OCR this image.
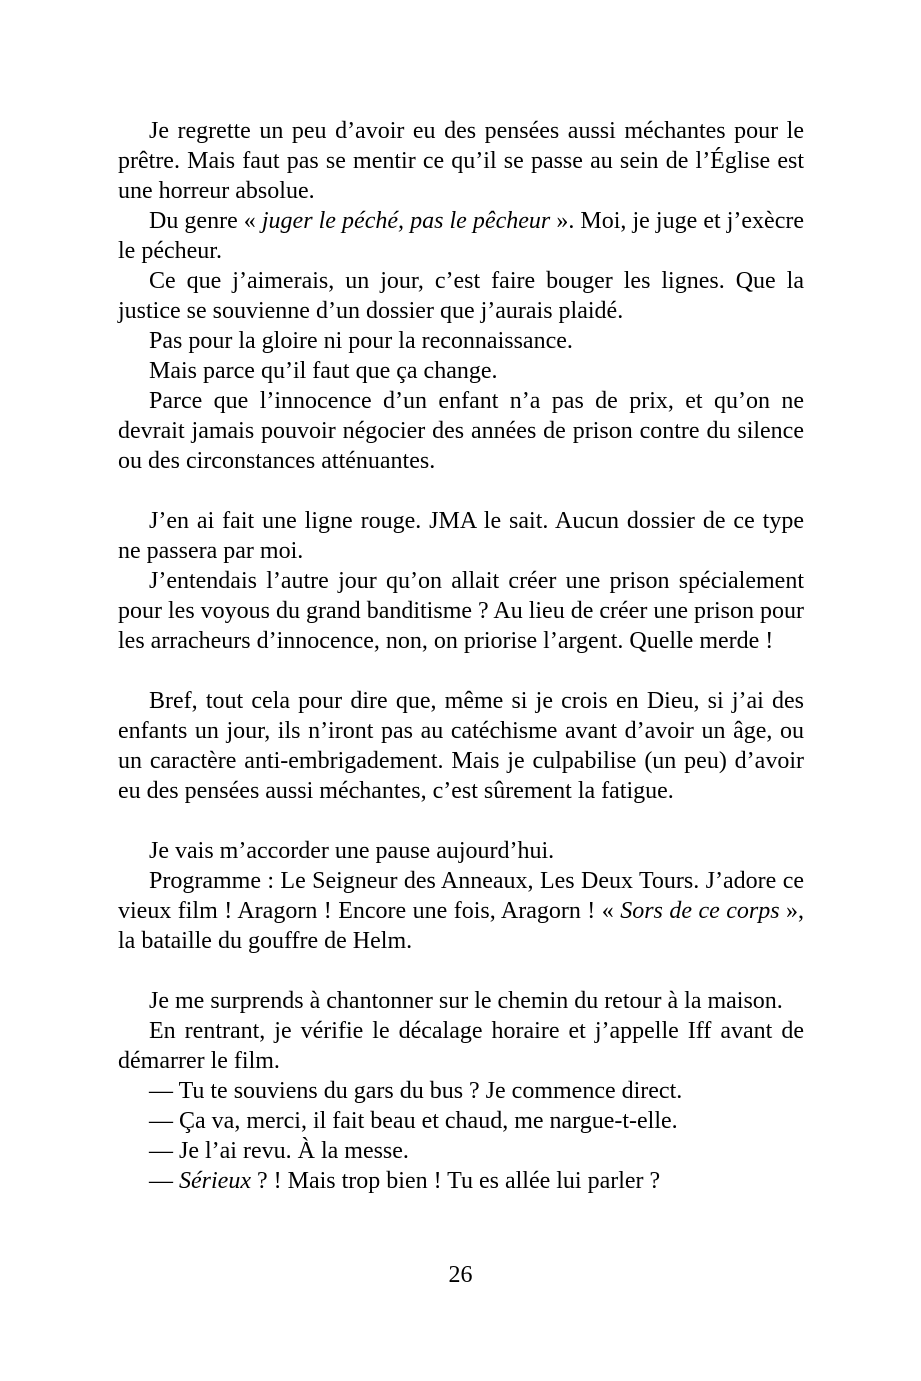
Je regrette un peu d’avoir eu des pensées aussi méchantes pour le prêtre. Mais faut pas se mentir ce qu’il se passe au sein de l’Église est une horreur absolue.

Du genre « juger le péché, pas le pêcheur ». Moi, je juge et j’exècre le pécheur.

Ce que j’aimerais, un jour, c’est faire bouger les lignes. Que la justice se souvienne d’un dossier que j’aurais plaidé.

Pas pour la gloire ni pour la reconnaissance.

Mais parce qu’il faut que ça change.

Parce que l’innocence d’un enfant n’a pas de prix, et qu’on ne devrait jamais pouvoir négocier des années de prison contre du silence ou des circonstances atténuantes.

J’en ai fait une ligne rouge. JMA le sait. Aucun dossier de ce type ne passera par moi.

J’entendais l’autre jour qu’on allait créer une prison spécialement pour les voyous du grand banditisme ? Au lieu de créer une prison pour les arracheurs d’innocence, non, on priorise l’argent. Quelle merde !

Bref, tout cela pour dire que, même si je crois en Dieu, si j’ai des enfants un jour, ils n’iront pas au catéchisme avant d’avoir un âge, ou un caractère anti-embrigadement. Mais je culpabilise (un peu) d’avoir eu des pensées aussi méchantes, c’est sûrement la fatigue.

Je vais m’accorder une pause aujourd’hui.

Programme : Le Seigneur des Anneaux, Les Deux Tours. J’adore ce vieux film ! Aragorn ! Encore une fois, Aragorn ! « Sors de ce corps », la bataille du gouffre de Helm.

Je me surprends à chantonner sur le chemin du retour à la maison.

En rentrant, je vérifie le décalage horaire et j’appelle Iff avant de démarrer le film.

— Tu te souviens du gars du bus ? Je commence direct.

— Ça va, merci, il fait beau et chaud, me nargue-t-elle.

— Je l’ai revu. À la messe.

— Sérieux ? ! Mais trop bien ! Tu es allée lui parler ?

26
